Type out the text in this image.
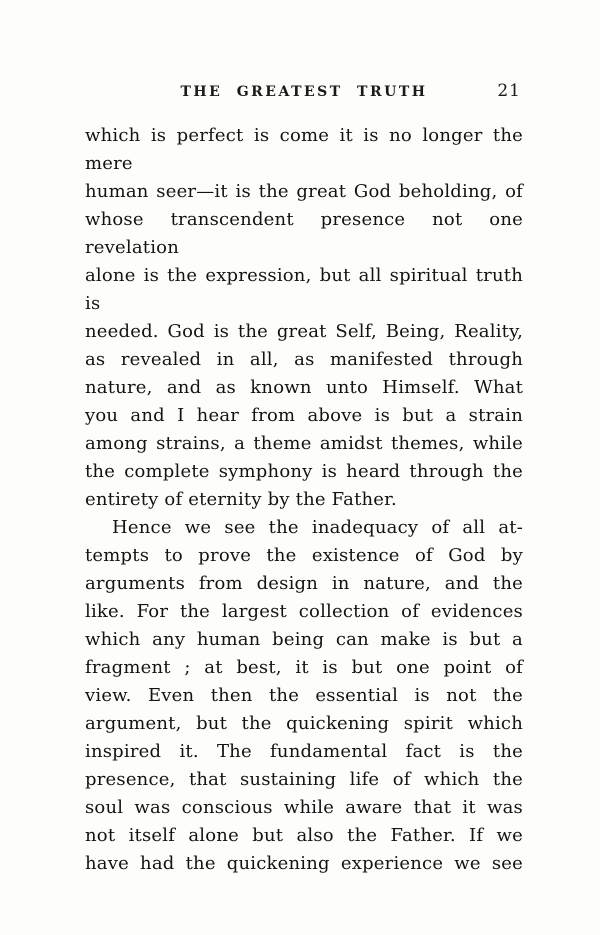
THE GREATEST TRUTH	21
which is perfect is come it is no longer the mere
human seer—it is the great God beholding, of
whose transcendent presence not one revelation
alone is the expression, but all spiritual truth is
needed. God is the great Self, Being, Reality,
as revealed in all, as manifested through
nature, and as known unto Himself. What
you and I hear from above is but a strain
among strains, a theme amidst themes, while
the complete symphony is heard through the
entirety of eternity by the Father.
Hence we see the inadequacy of all at-
tempts to prove the existence of God by
arguments from design in nature, and the
like. For the largest collection of evidences
which any human being can make is but a
fragment ; at best, it is but one point of
view. Even then the essential is not the
argument, but the quickening spirit which
inspired it. The fundamental fact is the
presence, that sustaining life of which the
soul was conscious while aware that it was
not itself alone but also the Father. If we
have had the quickening experience we see
